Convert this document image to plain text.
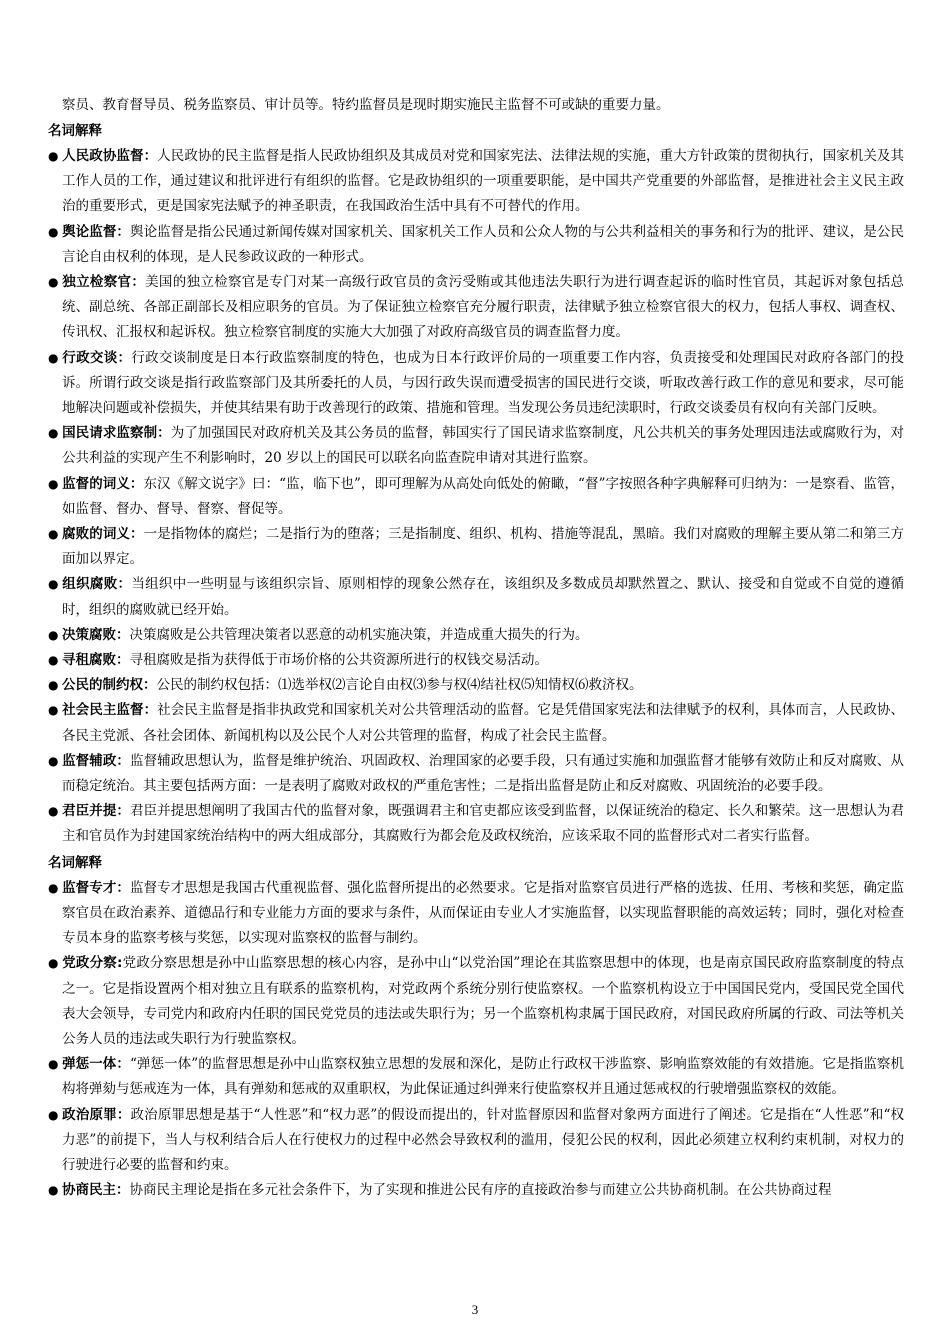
察员、教育督导员、税务监察员、审计员等。特约监督员是现时期实施民主监督不可或缺的重要力量。

名词解释

● 人民政协监督：人民政协的民主监督是指人民政协组织及其成员对党和国家宪法、法律法规的实施，重大方针政策的贯彻执行，国家机关及其工作人员的工作，通过建议和批评进行有组织的监督。它是政协组织的一项重要职能，是中国共产党重要的外部监督，是推进社会主义民主政治的重要形式，更是国家宪法赋予的神圣职责，在我国政治生活中具有不可替代的作用。

● 舆论监督：舆论监督是指公民通过新闻传媒对国家机关、国家机关工作人员和公众人物的与公共利益相关的事务和行为的批评、建议，是公民言论自由权利的体现，是人民参政议政的一种形式。

● 独立检察官：美国的独立检察官是专门对某一高级行政官员的贪污受贿或其他违法失职行为进行调查起诉的临时性官员，其起诉对象包括总统、副总统、各部正副部长及相应职务的官员。为了保证独立检察官充分履行职责，法律赋予独立检察官很大的权力，包括人事权、调查权、传讯权、汇报权和起诉权。独立检察官制度的实施大大加强了对政府高级官员的调查监督力度。

● 行政交谈：行政交谈制度是日本行政监察制度的特色，也成为日本行政评价局的一项重要工作内容，负责接受和处理国民对政府各部门的投诉。所谓行政交谈是指行政监察部门及其所委托的人员，与因行政失误而遭受损害的国民进行交谈，听取改善行政工作的意见和要求，尽可能地解决问题或补偿损失，并使其结果有助于改善现行的政策、措施和管理。当发现公务员违纪渎职时，行政交谈委员有权向有关部门反映。

● 国民请求监察制：为了加强国民对政府机关及其公务员的监督，韩国实行了国民请求监察制度，凡公共机关的事务处理因违法或腐败行为，对公共利益的实现产生不利影响时，20 岁以上的国民可以联名向监查院申请对其进行监察。

● 监督的词义：东汉《解文说字》曰：“监，临下也”，即可理解为从高处向低处的俯瞰，“督”字按照各种字典解释可归纳为：一是察看、监管，如监督、督办、督导、督察、督促等。

● 腐败的词义：一是指物体的腐烂；二是指行为的堕落；三是指制度、组织、机构、措施等混乱，黑暗。我们对腐败的理解主要从第二和第三方面加以界定。

● 组织腐败：当组织中一些明显与该组织宗旨、原则相悖的现象公然存在，该组织及多数成员却默然置之、默认、接受和自觉或不自觉的遵循时，组织的腐败就已经开始。

● 决策腐败：决策腐败是公共管理决策者以恶意的动机实施决策，并造成重大损失的行为。

● 寻租腐败：寻租腐败是指为获得低于市场价格的公共资源所进行的权钱交易活动。

● 公民的制约权：公民的制约权包括：⑴选举权⑵言论自由权⑶参与权⑷结社权⑸知情权⑹救济权。

● 社会民主监督：社会民主监督是指非执政党和国家机关对公共管理活动的监督。它是凭借国家宪法和法律赋予的权利，具体而言，人民政协、各民主党派、各社会团体、新闻机构以及公民个人对公共管理的监督，构成了社会民主监督。

● 监督辅政：监督辅政思想认为，监督是维护统治、巩固政权、治理国家的必要手段，只有通过实施和加强监督才能够有效防止和反对腐败、从而稳定统治。其主要包括两方面：一是表明了腐败对政权的严重危害性；二是指出监督是防止和反对腐败、巩固统治的必要手段。

● 君臣并提：君臣并提思想阐明了我国古代的监督对象，既强调君主和官吏都应该受到监督，以保证统治的稳定、长久和繁荣。这一思想认为君主和官员作为封建国家统治结构中的两大组成部分，其腐败行为都会危及政权统治，应该采取不同的监督形式对二者实行监督。

名词解释

● 监督专才：监督专才思想是我国古代重视监督、强化监督所提出的必然要求。它是指对监察官员进行严格的选拔、任用、考核和奖惩，确定监察官员在政治素养、道德品行和专业能力方面的要求与条件，从而保证由专业人才实施监督，以实现监督职能的高效运转；同时，强化对检查专员本身的监察考核与奖惩，以实现对监察权的监督与制约。

● 党政分察:党政分察思想是孙中山监察思想的核心内容，是孙中山“以党治国”理论在其监察思想中的体现，也是南京国民政府监察制度的特点之一。它是指设置两个相对独立且有联系的监察机构，对党政两个系统分别行使监察权。一个监察机构设立于中国国民党内，受国民党全国代表大会领导，专司党内和政府内任职的国民党党员的违法或失职行为；另一个监察机构隶属于国民政府，对国民政府所属的行政、司法等机关公务人员的违法或失职行为行驶监察权。

● 弹惩一体：“弹惩一体”的监督思想是孙中山监察权独立思想的发展和深化，是防止行政权干涉监察、影响监察效能的有效措施。它是指监察机构将弹劾与惩戒连为一体，具有弹劾和惩戒的双重职权，为此保证通过纠弹来行使监察权并且通过惩戒权的行驶增强监察权的效能。

● 政治原罪：政治原罪思想是基于“人性恶”和“权力恶”的假设而提出的，针对监督原因和监督对象两方面进行了阐述。它是指在“人性恶”和“权力恶”的前提下，当人与权利结合后人在行使权力的过程中必然会导致权利的滥用，侵犯公民的权利，因此必须建立权利约束机制，对权力的行驶进行必要的监督和约束。

● 协商民主：协商民主理论是指在多元社会条件下，为了实现和推进公民有序的直接政治参与而建立公共协商机制。在公共协商过程

3
